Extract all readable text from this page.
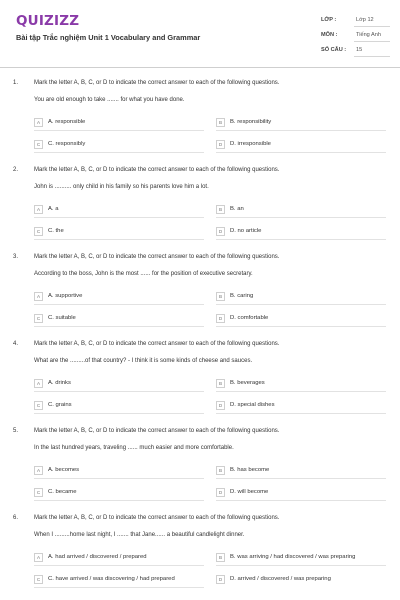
QUIZIZZ
Bài tập Trắc nghiệm Unit 1 Vocabulary and Grammar
LỚP :	Lớp 12
MÔN :	Tiếng Anh
SỐ CÂU : 15
1.	Mark the letter A, B, C, or D to indicate the correct answer to each of the following questions.
You are old enough to take ....... for what you have done.
A	A. responsible	B	B. responsibility
C	C. responsibly	D	D. irresponsible
2.	Mark the letter A, B, C, or D to indicate the correct answer to each of the following questions.
John is .......... only child in his family so his parents love him a lot.
A	A. a	B	B. an
C	C. the	D	D. no article
3.	Mark the letter A, B, C, or D to indicate the correct answer to each of the following questions.
According to the boss, John is the most ...... for the position of executive secretary.
A	A. supportive	B	B. caring
C	C. suitable	D	D. comfortable
4.	Mark the letter A, B, C, or D to indicate the correct answer to each of the following questions.
What are the .........of that country? - I think it is some kinds of cheese and sauces.
A	A. drinks	B	B. beverages
C	C. grains	D	D. special dishes
5.	Mark the letter A, B, C, or D to indicate the correct answer to each of the following questions.
In the last hundred years, traveling ...... much easier and more comfortable.
A	A. becomes	B	B. has become
C	C. became	D	D. will become
6.	Mark the letter A, B, C, or D to indicate the correct answer to each of the following questions.
When I .........home last night, I ....... that Jane...... a beautiful candlelight dinner.
A	A. had arrived / discovered / prepared	B	B. was arriving / had discovered / was preparing
C	C. have arrived / was discovering / had prepared	D	D. arrived / discovered / was preparing
